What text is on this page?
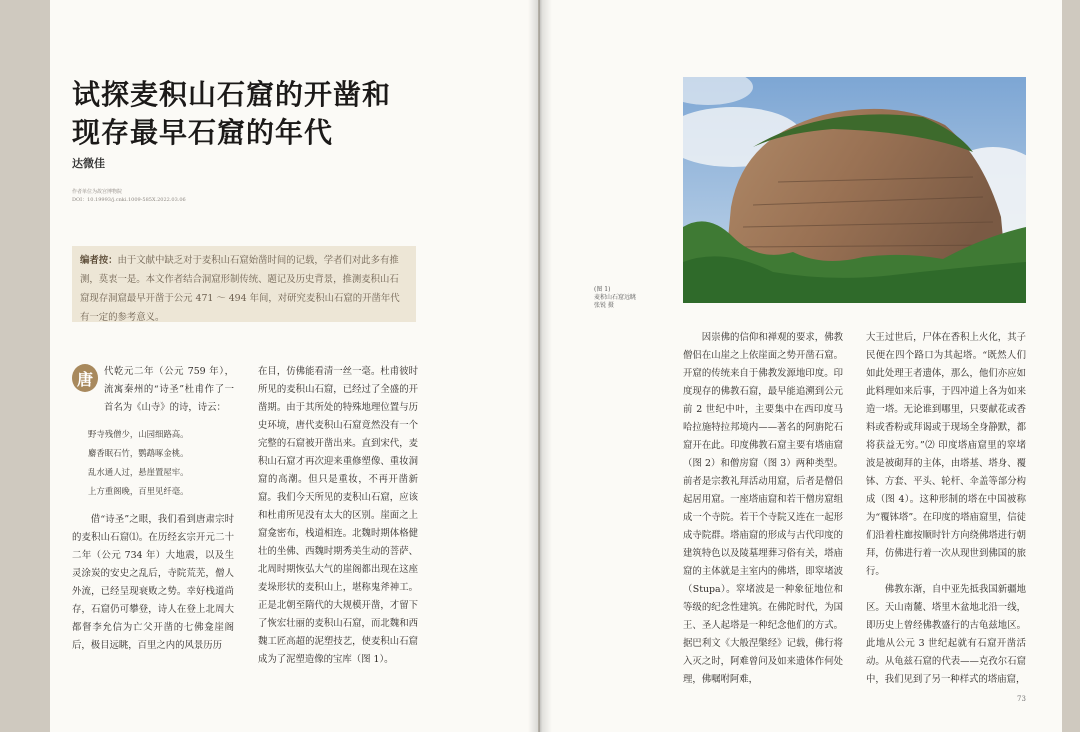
试探麦积山石窟的开凿和
现存最早石窟的年代
达微佳
作者单位为故宫博物院
DOI：10.19993/j.cnki.1009-585X.2022.03.06
编者按：由于文献中缺乏对于麦积山石窟始凿时间的记载，学者们对此多有推测，莫衷一是。本文作者结合洞窟形制传统、题记及历史背景，推测麦积山石窟现存洞窟最早开凿于公元 471 ～ 494 年间，对研究麦积山石窟的开凿年代有一定的参考意义。
唐	代乾元二年（公元 759 年），流寓秦州的“诗圣”杜甫作了一首名为《山寺》的诗，诗云：

野寺残僧少，山园细路高。
麝香眠石竹，鹦鹉啄金桃。
乱水通人过，悬崖置屋牢。
上方重阁晚，百里见纤毫。

借“诗圣”之眼，我们看到唐肃宗时的麦积山石窟⑴。在历经玄宗开元二十二年（公元 734 年）大地震，以及生灵涂炭的安史之乱后，寺院荒芜，僧人外流，已经呈现衰败之势。幸好栈道尚存，石窟仍可攀登，诗人在登上北周大都督李允信为亡父开凿的七佛龛崖阁后，极目远眺，百里之内的风景历历

在目，仿佛能看清一丝一毫。杜甫彼时所见的麦积山石窟，已经过了全盛的开凿期。由于其所处的特殊地理位置与历史环境，唐代麦积山石窟竟然没有一个完整的石窟被开凿出来。直到宋代，麦积山石窟才再次迎来重修塑像、重妆洞窟的高潮。但只是重妆，不再开凿新窟。我们今天所见的麦积山石窟，应该和杜甫所见没有太大的区别。崖面之上窟龛密布，栈道相连。北魏时期体格健壮的坐佛、西魏时期秀美生动的菩萨、北周时期恢弘大气的崖阁都出现在这座麦垛形状的麦积山上，堪称鬼斧神工。正是北朝至隋代的大规模开凿，才留下了恢宏壮丽的麦积山石窟，而北魏和西魏工匠高超的泥塑技艺，使麦积山石窟成为了泥塑造像的宝库（图 1）。

(图 1)
麦积山石窟远眺
张锐 摄

因崇佛的信仰和禅观的要求，佛教僧侣在山崖之上依崖面之势开凿石窟。开窟的传统来自于佛教发源地印度。印度现存的佛教石窟，最早能追溯到公元前 2 世纪中叶，主要集中在西印度马哈拉施特拉邦境内——著名的阿旃陀石窟开在此。印度佛教石窟主要有塔庙窟（图 2）和僧房窟（图 3）两种类型。前者是宗教礼拜活动用窟，后者是僧侣起居用窟。一座塔庙窟和若干僧房窟组成一个寺院。若干个寺院又连在一起形成寺院群。塔庙窟的形成与古代印度的建筑特色以及陵墓埋葬习俗有关，塔庙窟的主体就是主室内的佛塔，即窣堵波（Stupa）。窣堵波是一种象征地位和等级的纪念性建筑。在佛陀时代，为国王、圣人起塔是一种纪念他们的方式。据巴利文《大般涅槃经》记载，佛行将入灭之时，阿难曾问及如来遗体作何处理，佛嘱咐阿难，

大王过世后，尸体在香积上火化，其子民便在四个路口为其起塔。“既然人们如此处理王者遗体，那么，他们亦应如此料理如来后事，于四冲道上各为如来造一塔。无论谁到哪里，只要献花或香料或香粉或拜谒或于现场全身静默，都将获益无穷。”⑵ 印度塔庙窟里的窣堵波是被砌拜的主体，由塔基、塔身、覆钵、方套、平头、轮杆、伞盖等部分构成（图 4）。这种形制的塔在中国被称为“覆钵塔”。在印度的塔庙窟里，信徒们沿着柱廊按顺时针方向绕佛塔进行朝拜，仿佛进行着一次从现世到佛国的旅行。

佛教东渐，自中亚先抵我国新疆地区。天山南麓、塔里木盆地北沿一线，即历史上曾经佛教盛行的古龟兹地区。此地从公元 3 世纪起就有石窟开凿活动。从龟兹石窟的代表——克孜尔石窟中，我们见到了另一种样式的塔庙窟，

73
